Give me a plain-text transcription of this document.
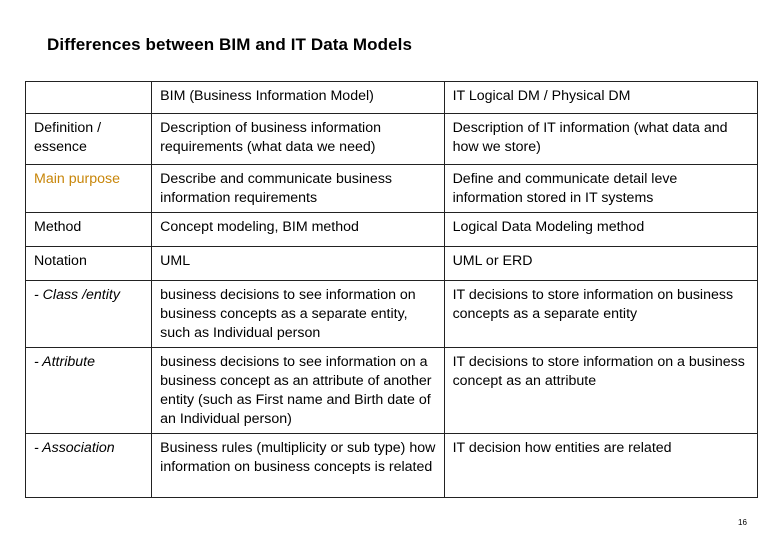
Differences between BIM and IT Data Models
	BIM (Business Information Model)	IT Logical DM / Physical DM
Definition / essence	Description of business information requirements (what data we need)	Description of IT information (what data and how we store)
Main purpose	Describe and communicate business information requirements	Define and communicate detail leve information stored in IT systems
Method	Concept modeling, BIM method	Logical Data Modeling method
Notation	UML	UML or ERD
- Class /entity	business decisions to see information on business concepts as a separate entity, such as Individual person	IT decisions to store information on business concepts as a separate entity
- Attribute	business decisions to see information on a business concept as an attribute of another entity (such as First name and Birth date of an Individual person)	IT decisions to store information on a business concept as an attribute
- Association	Business rules (multiplicity or sub type) how information on business concepts is related	IT decision how entities are related
16
